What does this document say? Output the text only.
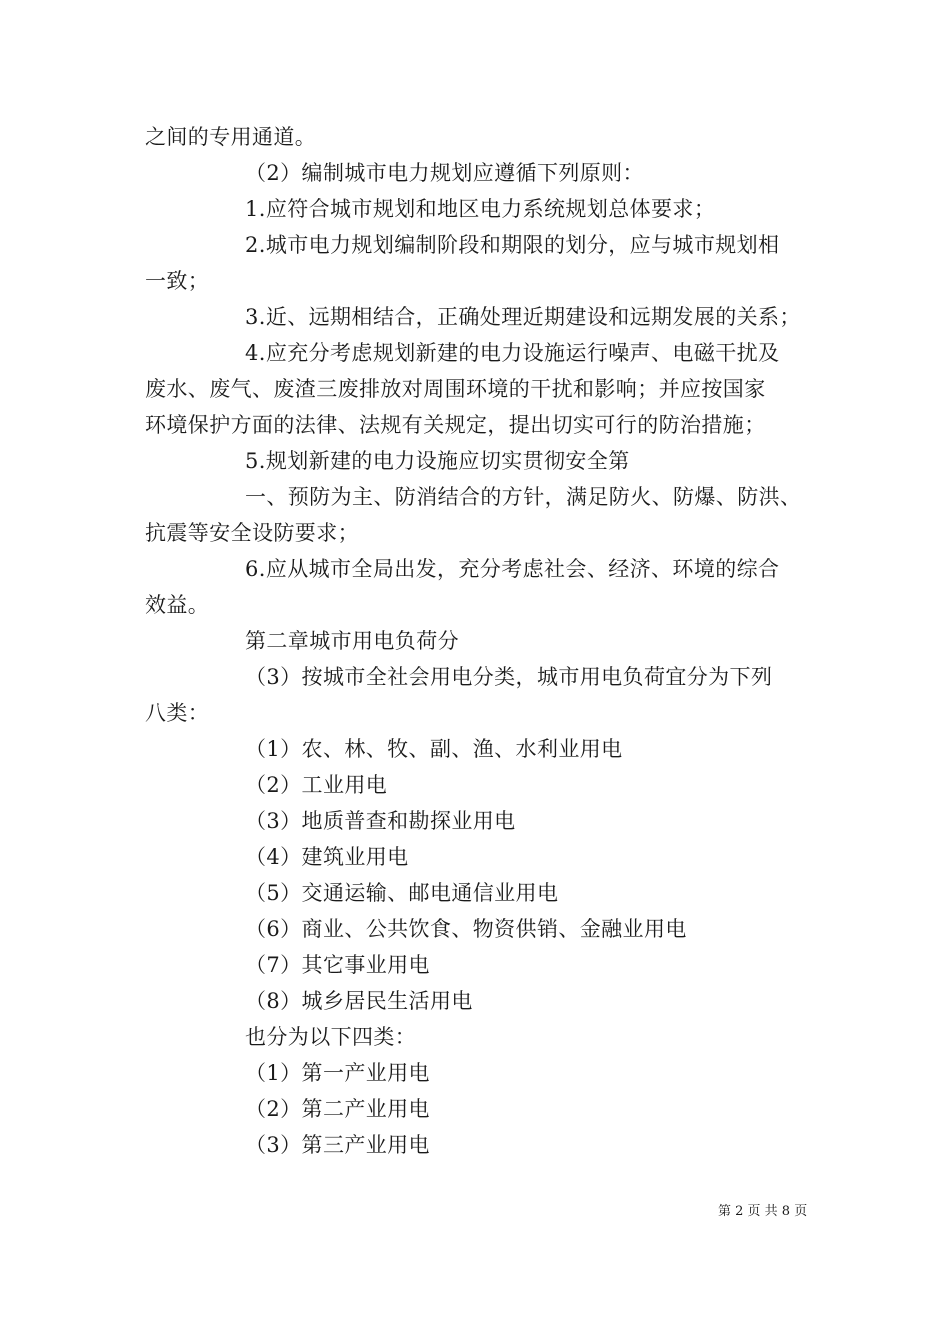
之间的专用通道。
（2）编制城市电力规划应遵循下列原则：
1.应符合城市规划和地区电力系统规划总体要求；
2.城市电力规划编制阶段和期限的划分，应与城市规划相
一致；
3.近、远期相结合，正确处理近期建设和远期发展的关系；
4.应充分考虑规划新建的电力设施运行噪声、电磁干扰及
废水、废气、废渣三废排放对周围环境的干扰和影响；并应按国家
环境保护方面的法律、法规有关规定，提出切实可行的防治措施；
5.规划新建的电力设施应切实贯彻安全第
一、预防为主、防消结合的方针，满足防火、防爆、防洪、
抗震等安全设防要求；
6.应从城市全局出发，充分考虑社会、经济、环境的综合
效益。
第二章城市用电负荷分
（3）按城市全社会用电分类，城市用电负荷宜分为下列
八类：
（1）农、林、牧、副、渔、水利业用电
（2）工业用电
（3）地质普查和勘探业用电
（4）建筑业用电
（5）交通运输、邮电通信业用电
（6）商业、公共饮食、物资供销、金融业用电
（7）其它事业用电
（8）城乡居民生活用电
也分为以下四类：
（1）第一产业用电
（2）第二产业用电
（3）第三产业用电
第 2 页 共 8 页
